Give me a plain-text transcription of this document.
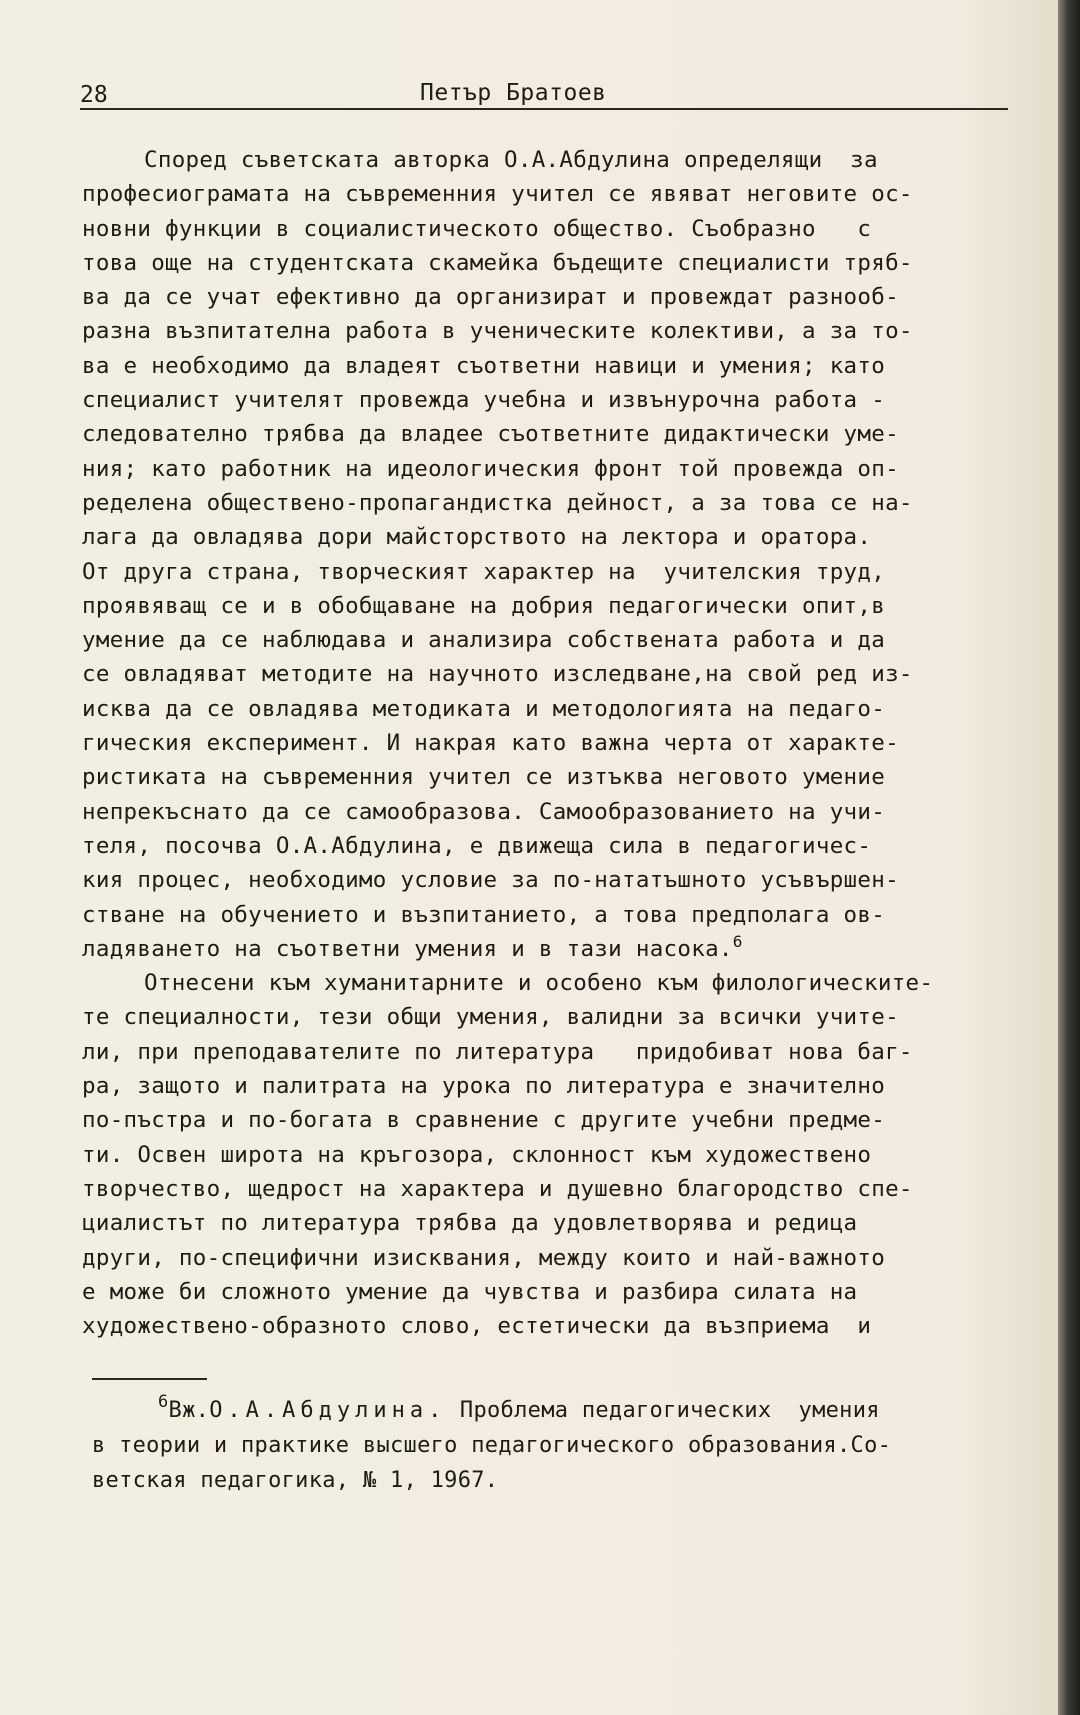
28	Петър Братоев
Според съветската авторка О.А.Абдулина определящи  за
професиограмата на съвременния учител се явяват неговите ос-
новни функции в социалистическото общество. Съобразно   с
това още на студентската скамейка бъдещите специалисти тряб-
ва да се учат ефективно да организират и провеждат разнооб-
разна възпитателна работа в ученическите колективи, а за то-
ва е необходимо да владеят съответни навици и умения; като
специалист учителят провежда учебна и извънурочна работа -
следователно трябва да владее съответните дидактически уме-
ния; като работник на идеологическия фронт той провежда оп-
ределена обществено-пропагандистка дейност, а за това се на-
лага да овладява дори майсторството на лектора и оратора.
От друга страна, творческият характер на  учителския труд,
проявяващ се и в обобщаване на добрия педагогически опит,в
умение да се наблюдава и анализира собствената работа и да
се овладяват методите на научното изследване,на свой ред из-
исква да се овладява методиката и методологията на педаго-
гическия експеримент. И накрая като важна черта от характе-
ристиката на съвременния учител се изтъква неговото умение
непрекъснато да се самообразова. Самообразованието на учи-
теля, посочва О.А.Абдулина, е движеща сила в педагогичес-
кия процес, необходимо условие за по-нататъшното усъвършен-
стване на обучението и възпитанието, а това предполага ов-
ладяването на съответни умения и в тази насока.$^6$
Отнесени към хуманитарните и особено към филологическите-
те специалности, тези общи умения, валидни за всички учите-
ли, при преподавателите по литература   придобиват нова баг-
ра, защото и палитрата на урока по литература е значително
по-пъстра и по-богата в сравнение с другите учебни предме-
ти. Освен широта на кръгозора, склонност към художествено
творчество, щедрост на характера и душевно благородство спе-
циалистът по литература трябва да удовлетворява и редица
други, по-специфични изисквания, между които и най-важното
е може би сложното умение да чувства и разбира силата на
художествено-образното слово, естетически да възприема  и
$^6$Вж.О.А.Абдулина. Проблема педагогических  умения
в теории и практике высшего педагогического образования.Со-
ветская педагогика, № 1, 1967.
